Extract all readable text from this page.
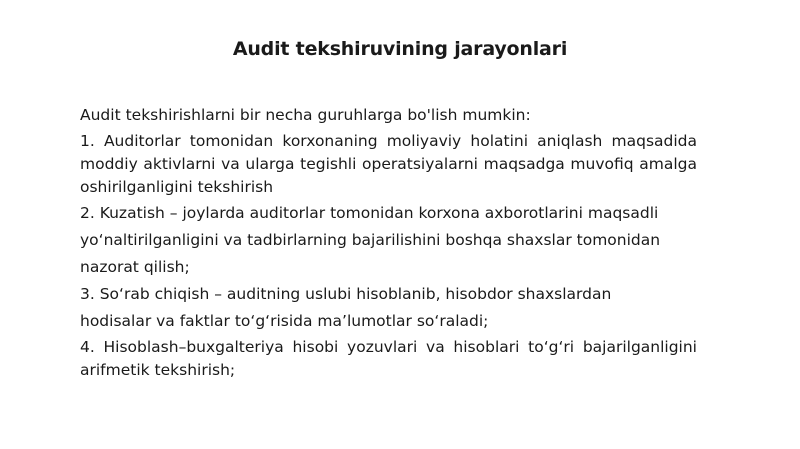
Audit tekshiruvining jarayonlari

Audit tekshirishlarni bir necha guruhlarga bo'lish mumkin:

1. Auditorlar tomonidan korxonaning moliyaviy holatini aniqlash maqsadida moddiy aktivlarni va ularga tegishli operatsiyalarni maqsadga muvofiq amalga oshirilganligini tekshirish

2. Kuzatish – joylarda auditorlar tomonidan korxona axborotlarini maqsadli
yo‘naltirilganligini va tadbirlarning bajarilishini boshqa shaxslar tomonidan
nazorat qilish;

3. So‘rab chiqish – auditning uslubi hisoblanib, hisobdor shaxslardan
hodisalar va faktlar to‘g‘risida ma’lumotlar so‘raladi;

4. Hisoblash–buxgalteriya hisobi yozuvlari va hisoblari to‘g‘ri bajarilganligini arifmetik tekshirish;
